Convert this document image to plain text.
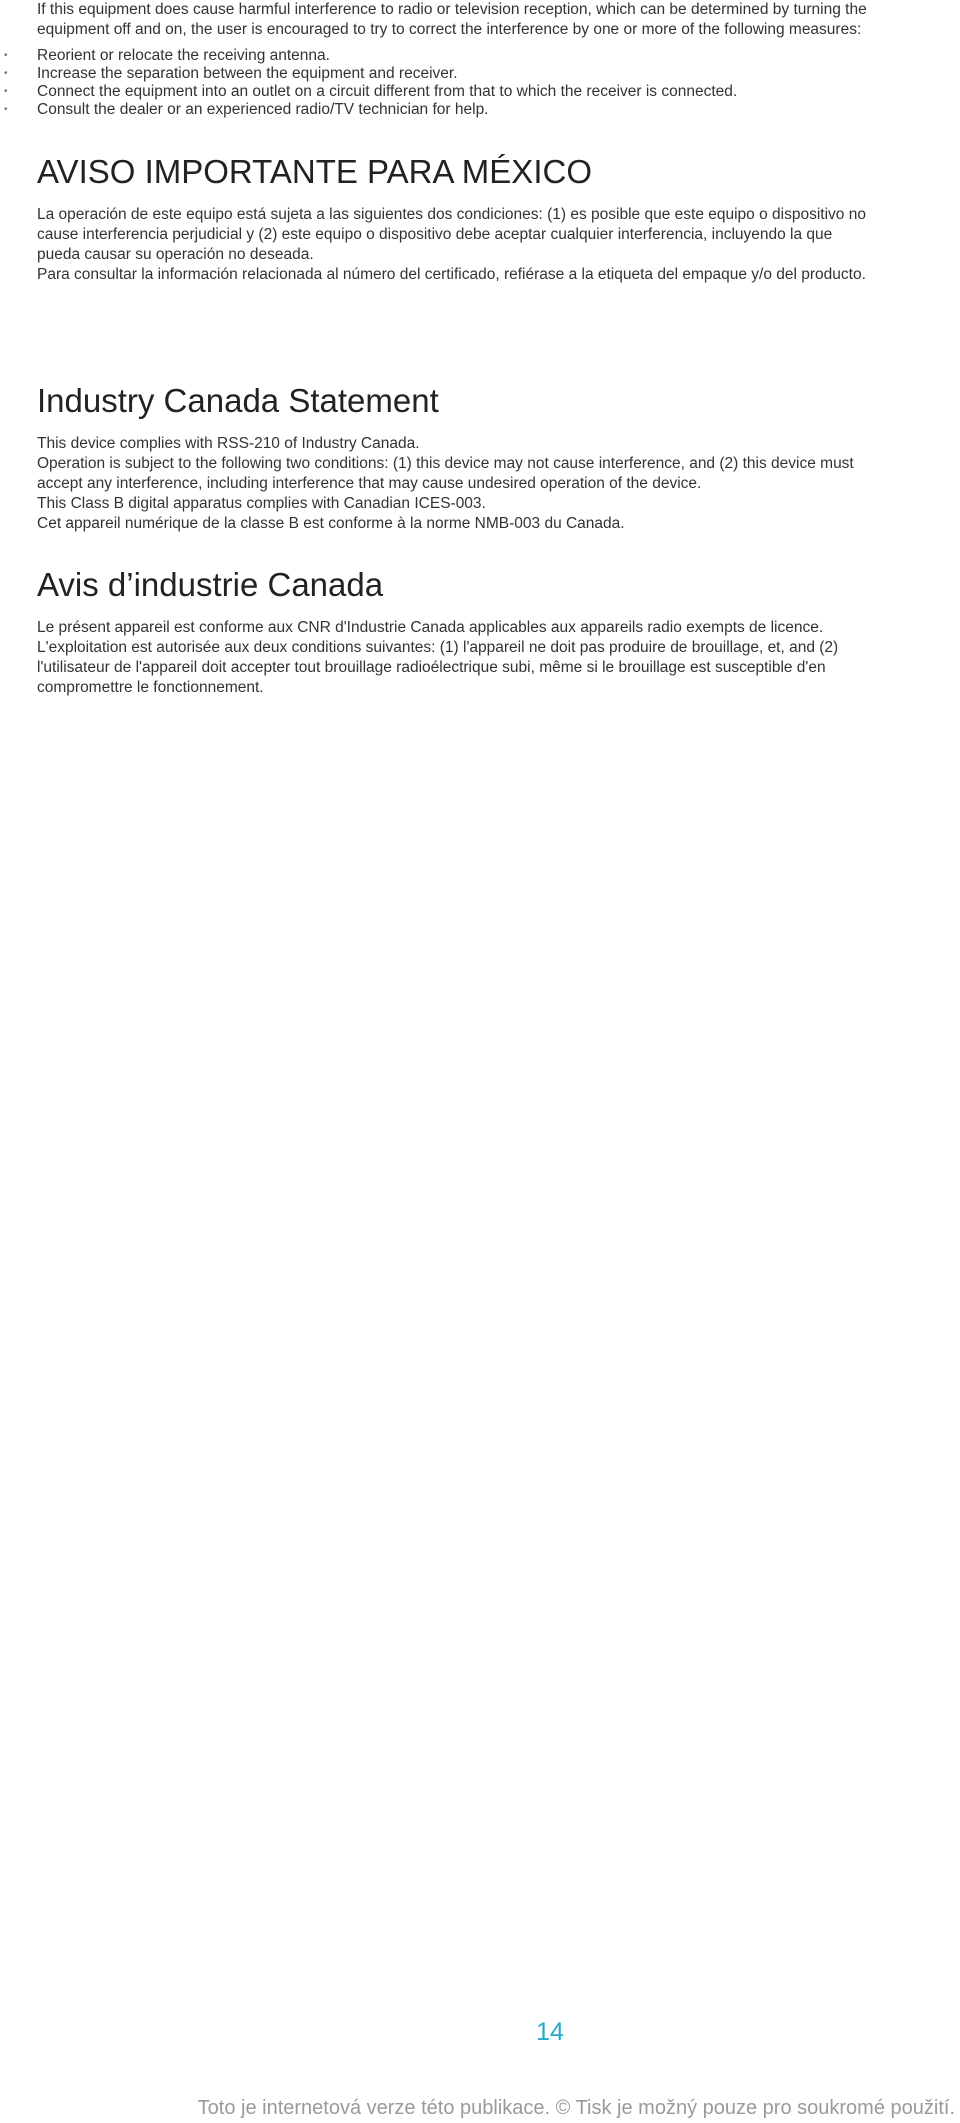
If this equipment does cause harmful interference to radio or television reception, which can be determined by turning the equipment off and on, the user is encouraged to try to correct the interference by one or more of the following measures:

• Reorient or relocate the receiving antenna.
• Increase the separation between the equipment and receiver.
• Connect the equipment into an outlet on a circuit different from that to which the receiver is connected.
• Consult the dealer or an experienced radio/TV technician for help.
AVISO IMPORTANTE PARA MÉXICO

La operación de este equipo está sujeta a las siguientes dos condiciones: (1) es posible que este equipo o dispositivo no cause interferencia perjudicial y (2) este equipo o dispositivo debe aceptar cualquier interferencia, incluyendo la que pueda causar su operación no deseada.

Para consultar la información relacionada al número del certificado, refiérase a la etiqueta del empaque y/o del producto.

Industry Canada Statement

This device complies with RSS-210 of Industry Canada.

Operation is subject to the following two conditions: (1) this device may not cause interference, and (2) this device must accept any interference, including interference that may cause undesired operation of the device.

This Class B digital apparatus complies with Canadian ICES-003.

Cet appareil numérique de la classe B est conforme à la norme NMB-003 du Canada.

Avis d’industrie Canada

Le présent appareil est conforme aux CNR d'Industrie Canada applicables aux appareils radio exempts de licence.

L'exploitation est autorisée aux deux conditions suivantes: (1) l'appareil ne doit pas produire de brouillage, et, and (2) l'utilisateur de l'appareil doit accepter tout brouillage radioélectrique subi, même si le brouillage est susceptible d'en compromettre le fonctionnement.

14
Toto je internetová verze této publikace. © Tisk je možný pouze pro soukromé použití.
